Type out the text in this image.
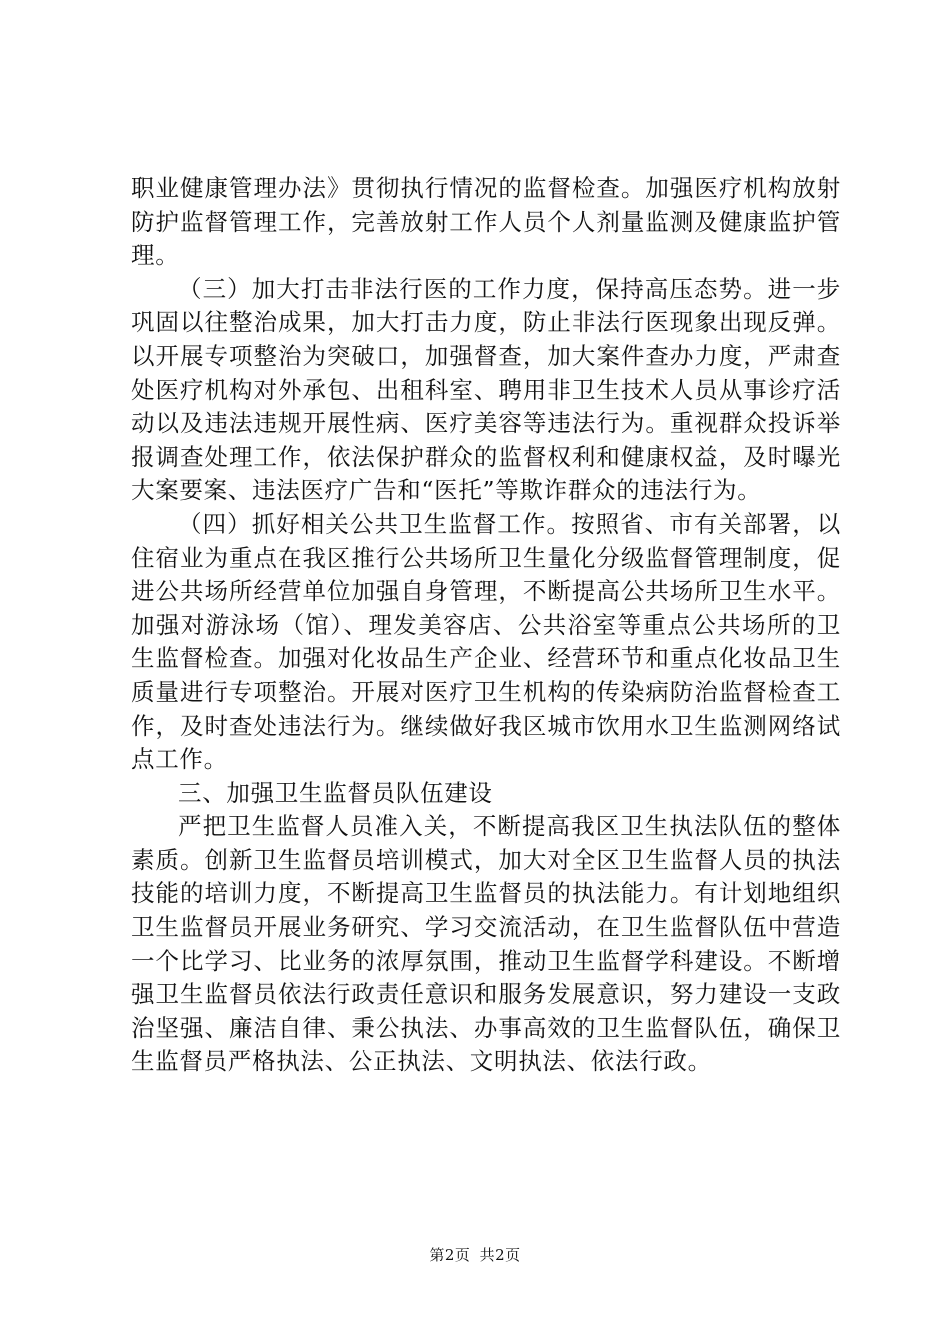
职业健康管理办法》贯彻执行情况的监督检查。加强医疗机构放射防护监督管理工作，完善放射工作人员个人剂量监测及健康监护管理。

（三）加大打击非法行医的工作力度，保持高压态势。进一步巩固以往整治成果，加大打击力度，防止非法行医现象出现反弹。以开展专项整治为突破口，加强督查，加大案件查办力度，严肃查处医疗机构对外承包、出租科室、聘用非卫生技术人员从事诊疗活动以及违法违规开展性病、医疗美容等违法行为。重视群众投诉举报调查处理工作，依法保护群众的监督权利和健康权益，及时曝光大案要案、违法医疗广告和“医托”等欺诈群众的违法行为。

（四）抓好相关公共卫生监督工作。按照省、市有关部署，以住宿业为重点在我区推行公共场所卫生量化分级监督管理制度，促进公共场所经营单位加强自身管理，不断提高公共场所卫生水平。加强对游泳场（馆）、理发美容店、公共浴室等重点公共场所的卫生监督检查。加强对化妆品生产企业、经营环节和重点化妆品卫生质量进行专项整治。开展对医疗卫生机构的传染病防治监督检查工作，及时查处违法行为。继续做好我区城市饮用水卫生监测网络试点工作。

三、加强卫生监督员队伍建设

严把卫生监督人员准入关，不断提高我区卫生执法队伍的整体素质。创新卫生监督员培训模式，加大对全区卫生监督人员的执法技能的培训力度，不断提高卫生监督员的执法能力。有计划地组织卫生监督员开展业务研究、学习交流活动，在卫生监督队伍中营造一个比学习、比业务的浓厚氛围，推动卫生监督学科建设。不断增强卫生监督员依法行政责任意识和服务发展意识，努力建设一支政治坚强、廉洁自律、秉公执法、办事高效的卫生监督队伍，确保卫生监督员严格执法、公正执法、文明执法、依法行政。

第2页 共2页
